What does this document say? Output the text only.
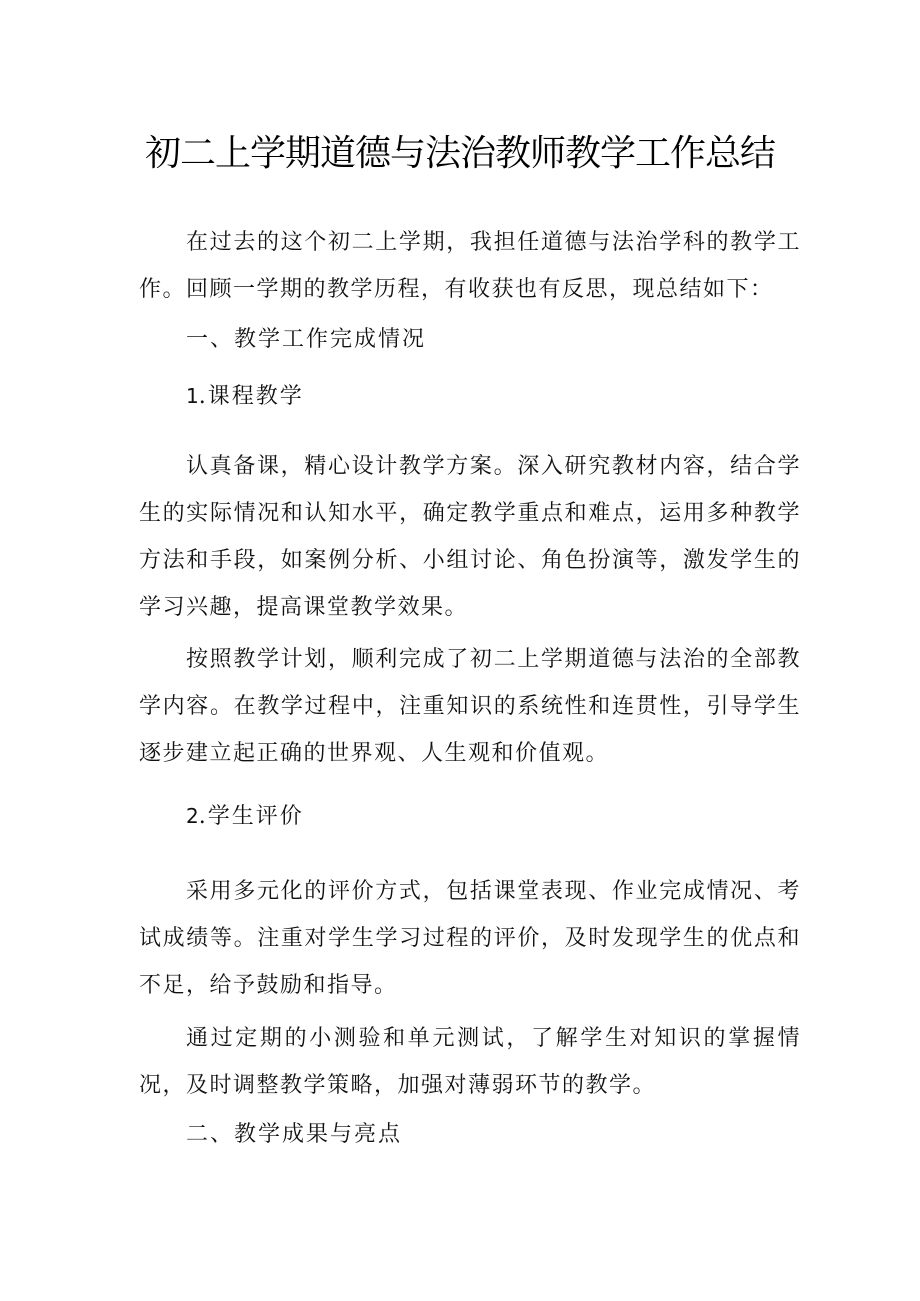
初二上学期道德与法治教师教学工作总结

在过去的这个初二上学期，我担任道德与法治学科的教学工作。回顾一学期的教学历程，有收获也有反思，现总结如下：

一、教学工作完成情况

1.课程教学

认真备课，精心设计教学方案。深入研究教材内容，结合学生的实际情况和认知水平，确定教学重点和难点，运用多种教学方法和手段，如案例分析、小组讨论、角色扮演等，激发学生的学习兴趣，提高课堂教学效果。

按照教学计划，顺利完成了初二上学期道德与法治的全部教学内容。在教学过程中，注重知识的系统性和连贯性，引导学生逐步建立起正确的世界观、人生观和价值观。

2.学生评价

采用多元化的评价方式，包括课堂表现、作业完成情况、考试成绩等。注重对学生学习过程的评价，及时发现学生的优点和不足，给予鼓励和指导。

通过定期的小测验和单元测试，了解学生对知识的掌握情况，及时调整教学策略，加强对薄弱环节的教学。

二、教学成果与亮点
